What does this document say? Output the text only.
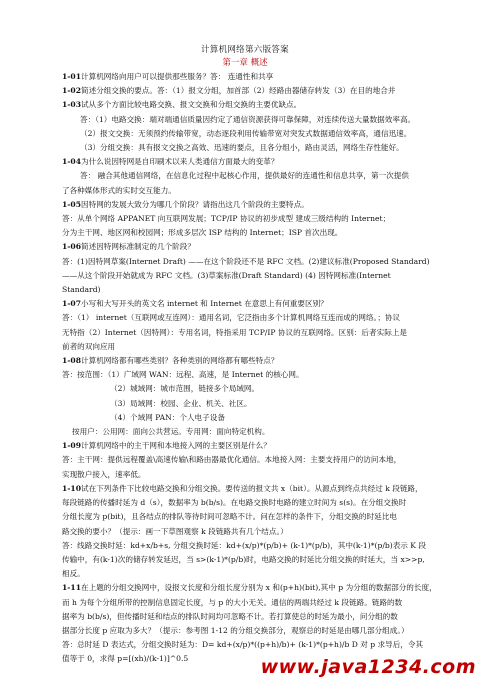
计算机网络第六版答案
第一章 概述

1-01计算机网络向用户可以提供那些服务？答： 连通性和共享

1-02简述分组交换的要点。答：（1）报文分组，加首部（2）经路由器储存转发（3）在目的地合并

1-03试从多个方面比较电路交换、报文交换和分组交换的主要优缺点。

答：（1）电路交换：端对端通信质量因约定了通信资源获得可靠保障，对连续传送大量数据效率高。

（2）报文交换：无须预约传输带宽，动态逐段利用传输带宽对突发式数据通信效率高，通信迅速。

（3）分组交换：具有报文交换之高效、迅速的要点，且各分组小，路由灵活，网络生存性能好。

1-04为什么说因特网是自印刷术以来人类通信方面最大的变革？

答： 融合其他通信网络，在信息化过程中起核心作用，提供最好的连通性和信息共享，第一次提供

了各种媒体形式的实时交互能力。

1-05因特网的发展大致分为哪几个阶段？请指出这几个阶段的主要特点。

答：从单个网络 APPANET 向互联网发展；TCP/IP 协议的初步成型 建成三级结构的 Internet；

分为主干网、地区网和校园网；形成多层次 ISP 结构的 Internet；ISP 首次出现。

1-06简述因特网标准制定的几个阶段？

答：(1)因特网草案(Internet Draft) ——在这个阶段还不是 RFC 文档。(2)建议标准(Proposed Standard)

——从这个阶段开始就成为 RFC 文档。(3)草案标准(Draft Standard) (4) 因特网标准(Internet

Standard)

1-07小写和大写开头的英文名 internet 和 Internet 在意思上有何重要区别？

答：（1） internet（互联网或互连网）：通用名词，它泛指由多个计算机网络互连而成的网络。；协议

无特指（2）Internet（因特网）：专用名词，特指采用 TCP/IP 协议的互联网络。区别：后者实际上是

前者的双向应用

1-08计算机网络都有哪些类别？各种类别的网络都有哪些特点？

答：按范围：（1）广域网 WAN：远程、高速，是 Internet 的核心网。

（2）城域网：城市范围，链接多个局域网。

（3）局域网：校园、企业、机关、社区。

（4）个域网 PAN：个人电子设备

按用户：公用网：面向公共营运。专用网：面向特定机构。

1-09计算机网络中的主干网和本地接入网的主要区别是什么？

答：主干网：提供远程覆盖\高速传输\和路由器最优化通信。本地接入网：主要支持用户的访问本地，

实现散户接入，速率低。

1-10试在下列条件下比较电路交换和分组交换。要传送的报文共 x（bit）。从源点到终点共经过 k 段链路，

每段链路的传播时延为 d（s），数据率为 b(b/s)。在电路交换时电路的建立时间为 s(s)。在分组交换时

分组长度为 p(bit)，且各结点的排队等待时间可忽略不计。问在怎样的条件下，分组交换的时延比电

路交换的要小？（提示：画一下草图观察 k 段链路共有几个结点。）

答：线路交换时延：kd+x/b+s, 分组交换时延：kd+(x/p)*(p/b)+ (k-1)*(p/b)，其中(k-1)*(p/b)表示 K 段

传输中，有(k-1)次的储存转发延迟，当 s>(k-1)*(p/b)时，电路交换的时延比分组交换的时延大，当 x>>p,

相反。

1-11在上题的分组交换网中，设报文长度和分组长度分别为 x 和(p+h)(bit),其中 p 为分组的数据部分的长度，

而 h 为每个分组所带的控制信息固定长度，与 p 的大小无关。通信的两端共经过 k 段链路。链路的数

据率为 b(b/s)，但传播时延和结点的排队时间均可忽略不计。若打算使总的时延为最小，问分组的数

据部分长度 p 应取为多大？（提示：参考图 1-12 的分组交换部分，观察总的时延是由哪几部分组成。）

答：总时延 D 表达式，分组交换时延为：D= kd+(x/p)*((p+h)/b)+ (k-1)*(p+h)/b D 对 p 求导后，令其

值等于 0，求得 p=[(xh)/(k-1)]^0.5	www.java1234.com
